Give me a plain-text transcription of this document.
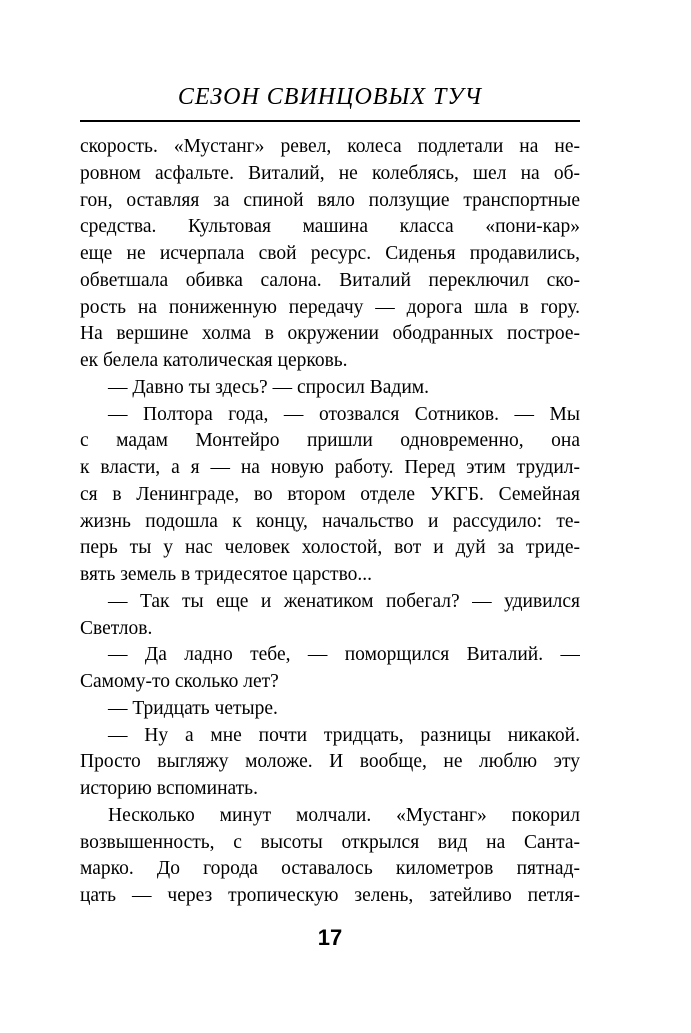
СЕЗОН СВИНЦОВЫХ ТУЧ
скорость. «Мустанг» ревел, колеса подлетали на не-
ровном асфальте. Виталий, не колеблясь, шел на об-
гон, оставляя за спиной вяло ползущие транспортные
средства. Культовая машина класса «пони-кар»
еще не исчерпала свой ресурс. Сиденья продавились,
обветшала обивка салона. Виталий переключил ско-
рость на пониженную передачу — дорога шла в гору.
На вершине холма в окружении ободранных построе-
ек белела католическая церковь.
— Давно ты здесь? — спросил Вадим.
— Полтора года, — отозвался Сотников. — Мы
с мадам Монтейро пришли одновременно, она
к власти, а я — на новую работу. Перед этим трудил-
ся в Ленинграде, во втором отделе УКГБ. Семейная
жизнь подошла к концу, начальство и рассудило: те-
перь ты у нас человек холостой, вот и дуй за триде-
вять земель в тридесятое царство...
— Так ты еще и женатиком побегал? — удивился
Светлов.
— Да ладно тебе, — поморщился Виталий. —
Самому-то сколько лет?
— Тридцать четыре.
— Ну а мне почти тридцать, разницы никакой.
Просто выгляжу моложе. И вообще, не люблю эту
историю вспоминать.
Несколько минут молчали. «Мустанг» покорил
возвышенность, с высоты открылся вид на Санта-
марко. До города оставалось километров пятнад-
цать — через тропическую зелень, затейливо петля-
17
